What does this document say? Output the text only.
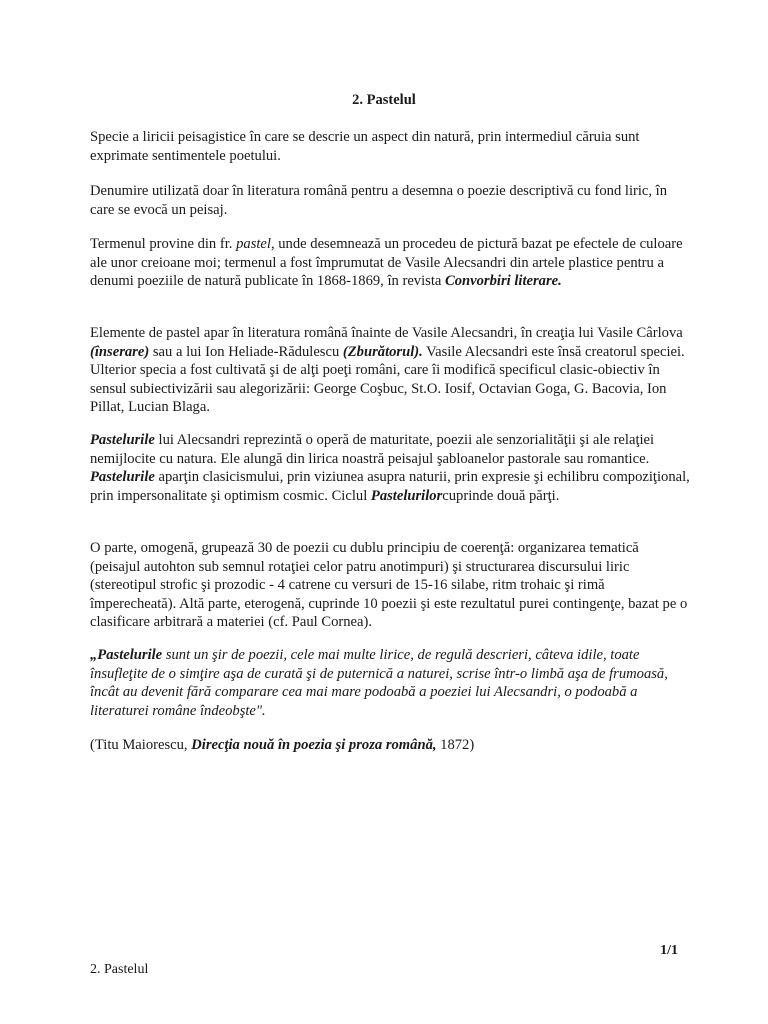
2. Pastelul
Specie a liricii peisagistice în care se descrie un aspect din natură, prin intermediul căruia sunt exprimate sentimentele poetului.
Denumire utilizată doar în literatura română pentru a desemna o poezie descriptivă cu fond liric, în care se evocă un peisaj.
Termenul provine din fr. pastel, unde desemnează un procedeu de pictură bazat pe efectele de culoare ale unor creioane moi; termenul a fost împrumutat de Vasile Alecsandri din artele plastice pentru a denumi poeziile de natură publicate în 1868-1869, în revista Convorbiri literare.
Elemente de pastel apar în literatura română înainte de Vasile Alecsandri, în creaţia lui Vasile Cârlova (înserare) sau a lui Ion Heliade-Rădulescu (Zburătorul). Vasile Alecsandri este însă creatorul speciei. Ulterior specia a fost cultivată şi de alţi poeţi români, care îi modifică specificul clasic-obiectiv în sensul subiectivizării sau alegorizării: George Coşbuc, St.O. Iosif, Octavian Goga, G. Bacovia, Ion Pillat, Lucian Blaga.
Pastelurile lui Alecsandri reprezintă o operă de maturitate, poezii ale senzorialităţii şi ale relaţiei nemijlocite cu natura. Ele alungă din lirica noastră peisajul şabloanelor pastorale sau romantice. Pastelurile aparţin clasicismului, prin viziunea asupra naturii, prin expresie şi echilibru compoziţional, prin impersonalitate şi optimism cosmic. Ciclul Pastelurilorcuprinde două părţi.
O parte, omogenă, grupează 30 de poezii cu dublu principiu de coerenţă: organizarea tematică (peisajul autohton sub semnul rotaţiei celor patru anotimpuri) şi structurarea discursului liric (stereotipul strofic şi prozodic - 4 catrene cu versuri de 15-16 silabe, ritm trohaic şi rimă împerecheată). Altă parte, eterogenă, cuprinde 10 poezii şi este rezultatul purei contingenţe, bazat pe o clasificare arbitrară a materiei (cf. Paul Cornea).
„Pastelurile sunt un şir de poezii, cele mai multe lirice, de regulă descrieri, câteva idile, toate însufleţite de o simţire aşa de curată şi de puternică a naturei, scrise într-o limbă aşa de frumoasă, încât au devenit fără comparare cea mai mare podoabă a poeziei lui Alecsandri, o podoabă a literaturei române îndeobşte".
(Titu Maiorescu, Direcţia nouă în poezia şi proza română, 1872)
1/1
2. Pastelul
